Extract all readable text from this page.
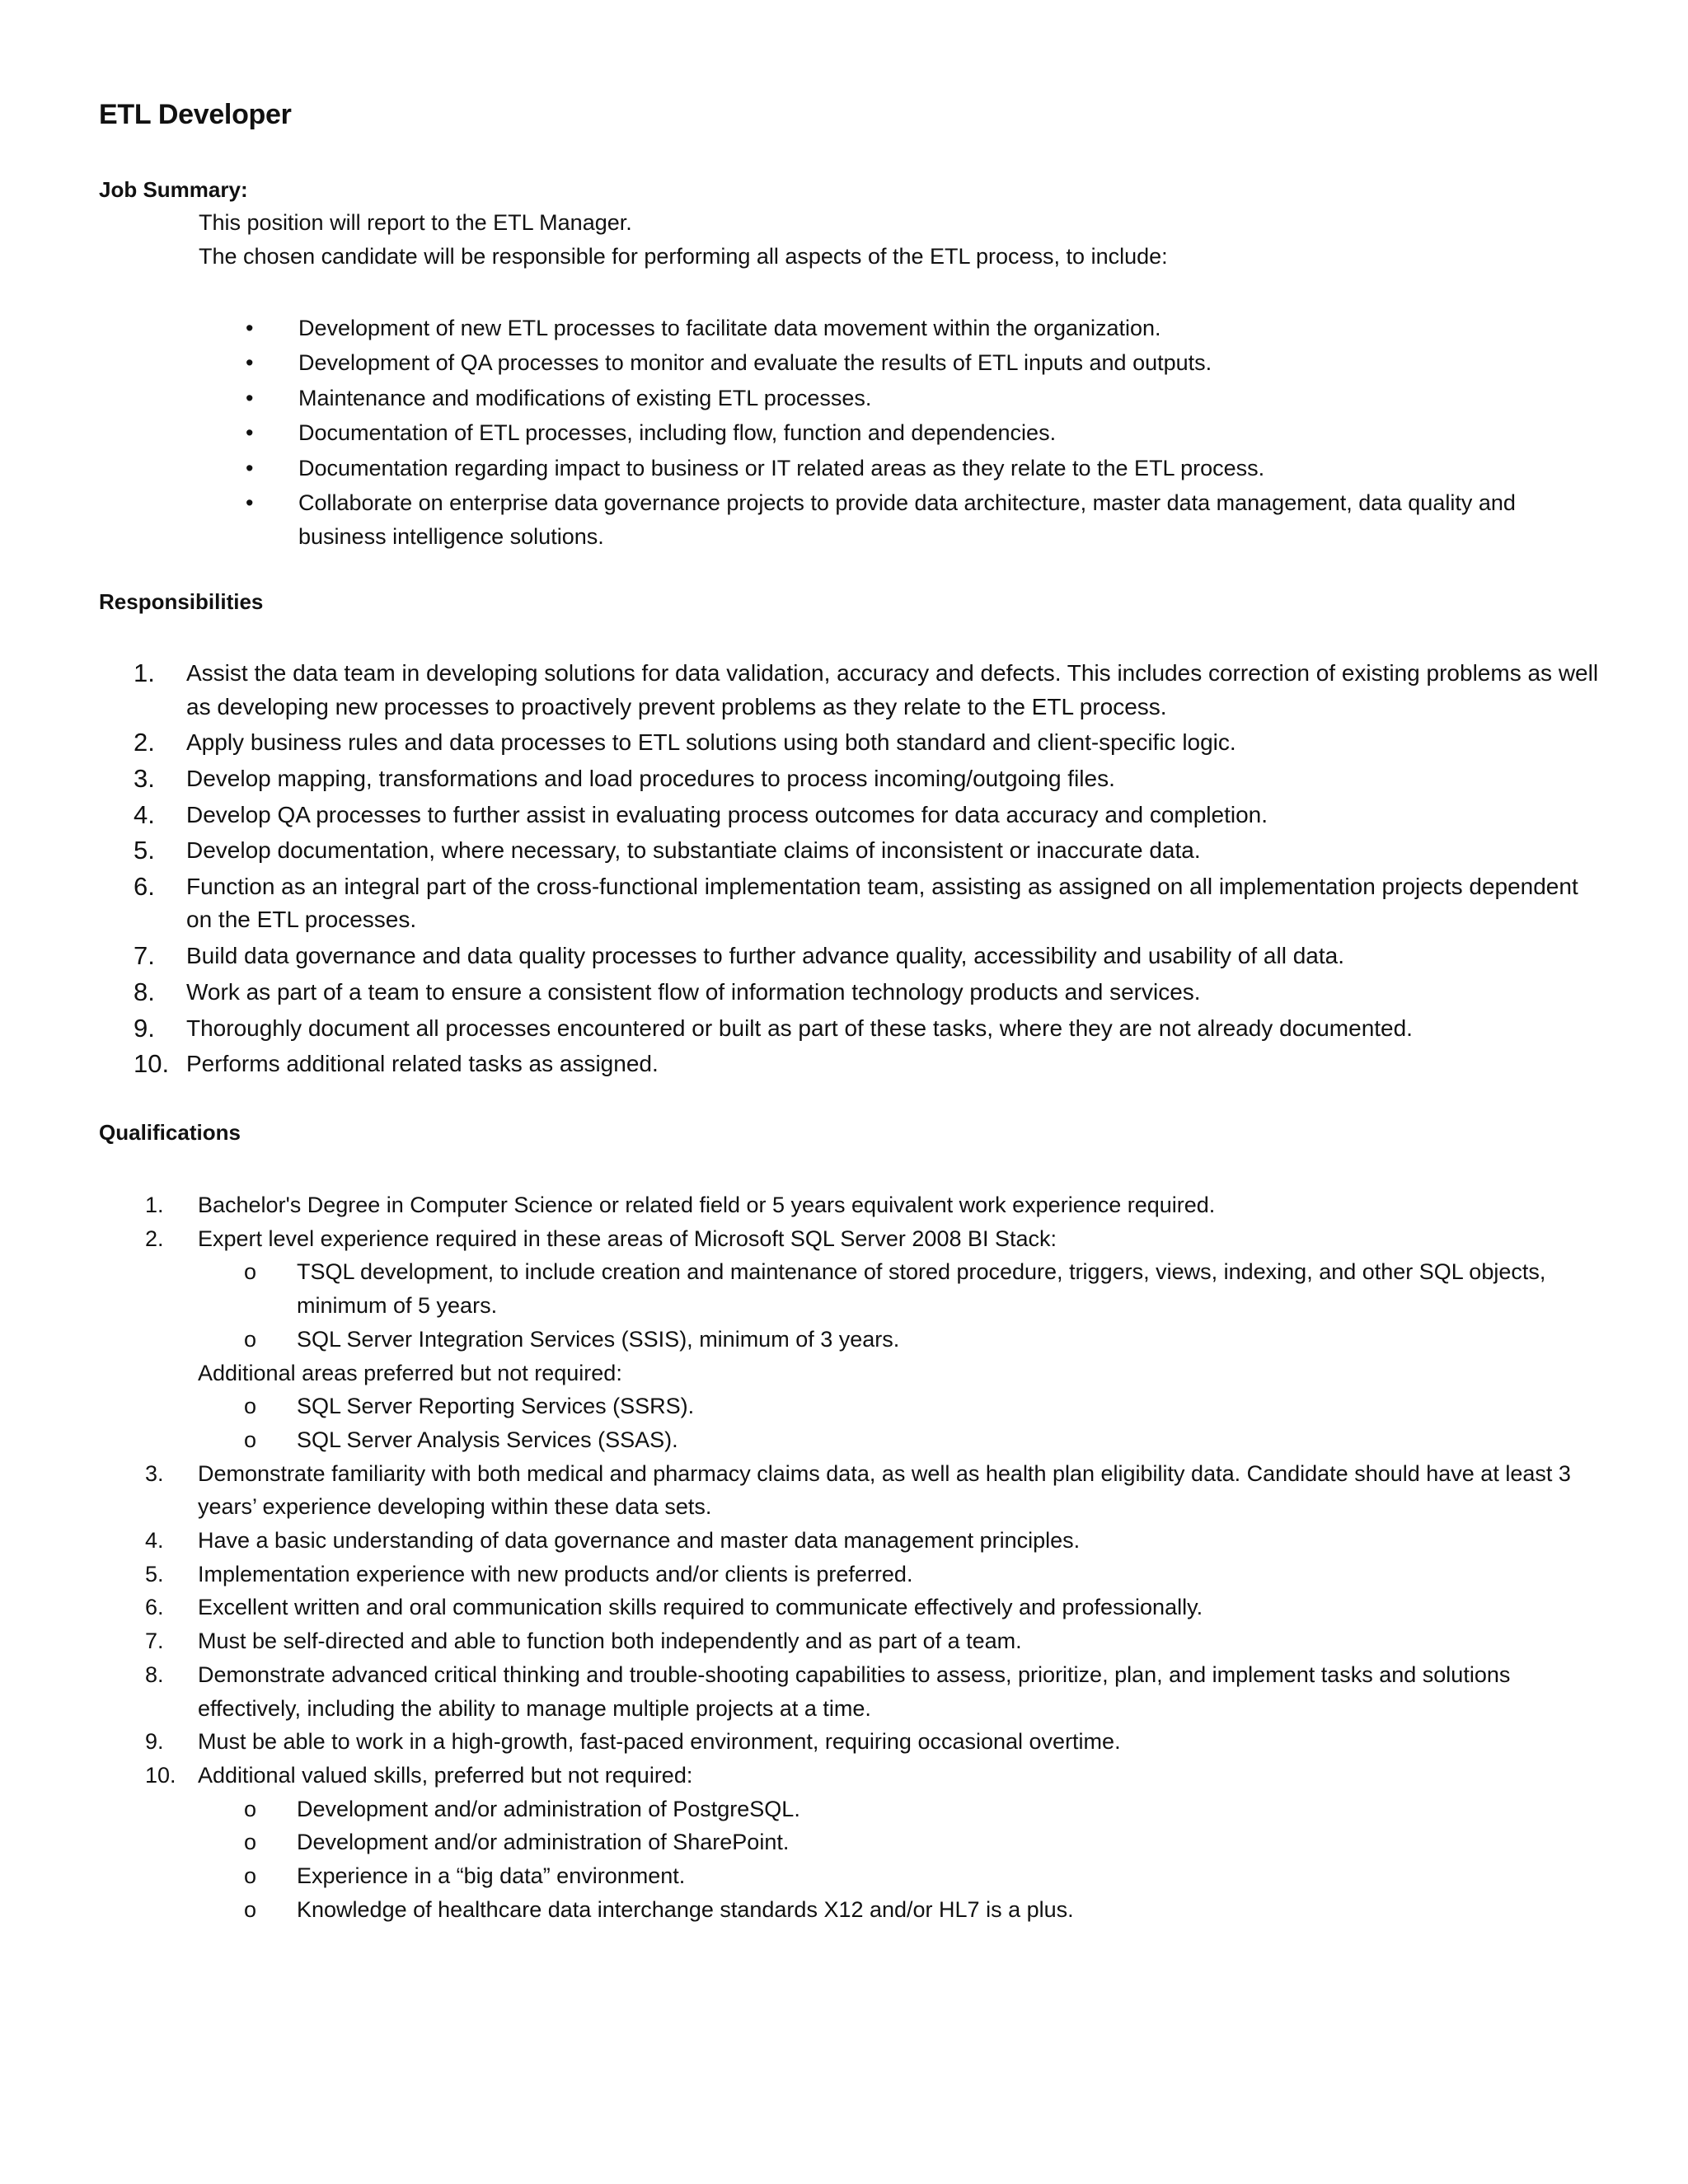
ETL Developer
Job Summary:
This position will report to the ETL Manager.
The chosen candidate will be responsible for performing all aspects of the ETL process, to include:
• Development of new ETL processes to facilitate data movement within the organization.
• Development of QA processes to monitor and evaluate the results of ETL inputs and outputs.
• Maintenance and modifications of existing ETL processes.
• Documentation of ETL processes, including flow, function and dependencies.
• Documentation regarding impact to business or IT related areas as they relate to the ETL process.
• Collaborate on enterprise data governance projects to provide data architecture, master data management, data quality and business intelligence solutions.
Responsibilities
1.	Assist the data team in developing solutions for data validation, accuracy and defects. This includes correction of existing problems as well as developing new processes to proactively prevent problems as they relate to the ETL process.
2.	Apply business rules and data processes to ETL solutions using both standard and client-specific logic.
3.	Develop mapping, transformations and load procedures to process incoming/outgoing files.
4.	Develop QA processes to further assist in evaluating process outcomes for data accuracy and completion.
5.	Develop documentation, where necessary, to substantiate claims of inconsistent or inaccurate data.
6.	Function as an integral part of the cross-functional implementation team, assisting as assigned on all implementation projects dependent on the ETL processes.
7.	Build data governance and data quality processes to further advance quality, accessibility and usability of all data.
8.	Work as part of a team to ensure a consistent flow of information technology products and services.
9.	Thoroughly document all processes encountered or built as part of these tasks, where they are not already documented.
10. Performs additional related tasks as assigned.
Qualifications
1.	Bachelor's Degree in Computer Science or related field or 5 years equivalent work experience required.
2.	Expert level experience required in these areas of Microsoft SQL Server 2008 BI Stack:
o TSQL development, to include creation and maintenance of stored procedure, triggers, views, indexing, and other SQL objects, minimum of 5 years.
o SQL Server Integration Services (SSIS), minimum of 3 years.
Additional areas preferred but not required:
o SQL Server Reporting Services (SSRS).
o SQL Server Analysis Services (SSAS).
3.	Demonstrate familiarity with both medical and pharmacy claims data, as well as health plan eligibility data. Candidate should have at least 3 years’ experience developing within these data sets.
4.	Have a basic understanding of data governance and master data management principles.
5.	Implementation experience with new products and/or clients is preferred.
6.	Excellent written and oral communication skills required to communicate effectively and professionally.
7.	Must be self-directed and able to function both independently and as part of a team.
8.	Demonstrate advanced critical thinking and trouble-shooting capabilities to assess, prioritize, plan, and implement tasks and solutions effectively, including the ability to manage multiple projects at a time.
9.	Must be able to work in a high-growth, fast-paced environment, requiring occasional overtime.
10. Additional valued skills, preferred but not required:
o Development and/or administration of PostgreSQL.
o Development and/or administration of SharePoint.
o Experience in a “big data” environment.
o Knowledge of healthcare data interchange standards X12 and/or HL7 is a plus.
